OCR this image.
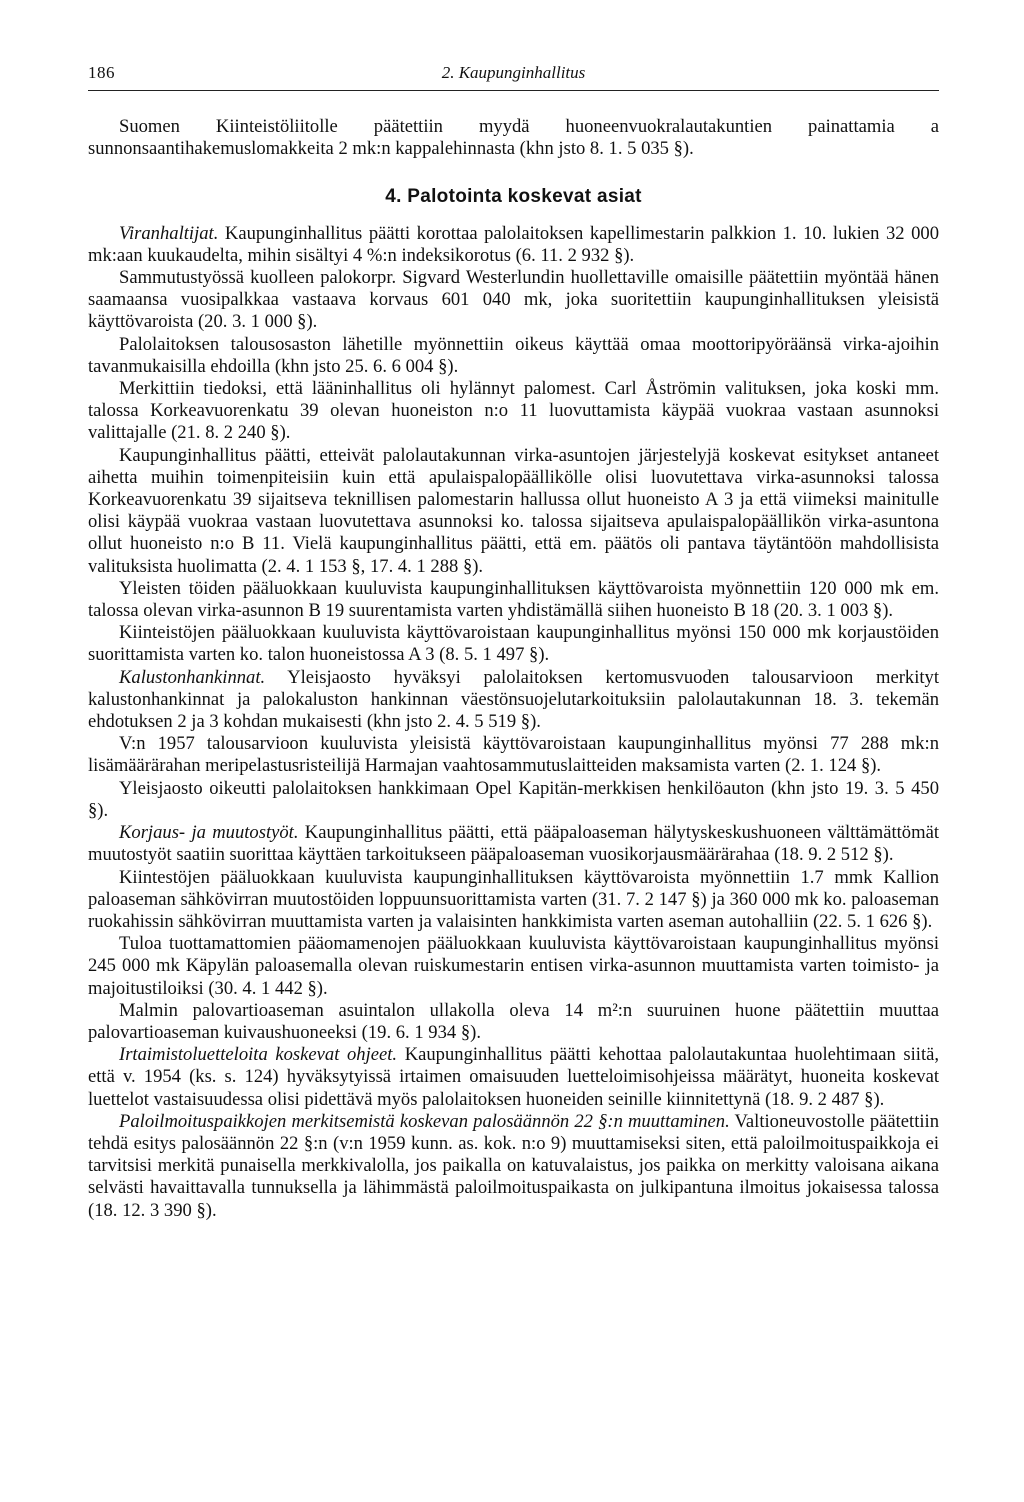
186	2. Kaupunginhallitus

Suomen Kiinteistöliitolle päätettiin myydä huoneenvuokralautakuntien painattamia a sunnonsaantihakemuslomakkeita 2 mk:n kappalehinnasta (khn jsto 8. 1. 5 035 §).

4. Palotointa koskevat asiat

Viranhaltijat. Kaupunginhallitus päätti korottaa palolaitoksen kapellimestarin palkkion 1. 10. lukien 32 000 mk:aan kuukaudelta, mihin sisältyi 4 %:n indeksikorotus (6. 11. 2 932 §).

Sammutustyössä kuolleen palokorpr. Sigvard Westerlundin huollettaville omaisille päätettiin myöntää hänen saamaansa vuosipalkkaa vastaava korvaus 601 040 mk, joka suoritettiin kaupunginhallituksen yleisistä käyttövaroista (20. 3. 1 000 §).

Palolaitoksen talousosaston lähetille myönnettiin oikeus käyttää omaa moottoripyöräänsä virka-ajoihin tavanmukaisilla ehdoilla (khn jsto 25. 6. 6 004 §).

Merkittiin tiedoksi, että lääninhallitus oli hylännyt palomest. Carl Åströmin valituksen, joka koski mm. talossa Korkeavuorenkatu 39 olevan huoneiston n:o 11 luovuttamista käypää vuokraa vastaan asunnoksi valittajalle (21. 8. 2 240 §).

Kaupunginhallitus päätti, etteivät palolautakunnan virka-asuntojen järjestelyjä koskevat esitykset antaneet aihetta muihin toimenpiteisiin kuin että apulaispalopäällikölle olisi luovutettava virka-asunnoksi talossa Korkeavuorenkatu 39 sijaitseva teknillisen palomestarin hallussa ollut huoneisto A 3 ja että viimeksi mainitulle olisi käypää vuokraa vastaan luovutettava asunnoksi ko. talossa sijaitseva apulaispalopäällikön virka-asuntona ollut huoneisto n:o B 11. Vielä kaupunginhallitus päätti, että em. päätös oli pantava täytäntöön mahdollisista valituksista huolimatta (2. 4. 1 153 §, 17. 4. 1 288 §).

Yleisten töiden pääluokkaan kuuluvista kaupunginhallituksen käyttövaroista myönnettiin 120 000 mk em. talossa olevan virka-asunnon B 19 suurentamista varten yhdistämällä siihen huoneisto B 18 (20. 3. 1 003 §).

Kiinteistöjen pääluokkaan kuuluvista käyttövaroistaan kaupunginhallitus myönsi 150 000 mk korjaustöiden suorittamista varten ko. talon huoneistossa A 3 (8. 5. 1 497 §).

Kalustonhankinnat. Yleisjaosto hyväksyi palolaitoksen kertomusvuoden talousarvioon merkityt kalustonhankinnat ja palokaluston hankinnan väestönsuojelutarkoituksiin palolautakunnan 18. 3. tekemän ehdotuksen 2 ja 3 kohdan mukaisesti (khn jsto 2. 4. 5 519 §).

V:n 1957 talousarvioon kuuluvista yleisistä käyttövaroistaan kaupunginhallitus myönsi 77 288 mk:n lisämäärärahan meripelastusristeilijä Harmajan vaahtosammutuslaitteiden maksamista varten (2. 1. 124 §).

Yleisjaosto oikeutti palolaitoksen hankkimaan Opel Kapitän-merkkisen henkilöauton (khn jsto 19. 3. 5 450 §).

Korjaus- ja muutostyöt. Kaupunginhallitus päätti, että pääpaloaseman hälytyskeskushuoneen välttämättömät muutostyöt saatiin suorittaa käyttäen tarkoitukseen pääpaloaseman vuosikorjausmäärärahaa (18. 9. 2 512 §).

Kiintestöjen pääluokkaan kuuluvista kaupunginhallituksen käyttövaroista myönnettiin 1.7 mmk Kallion paloaseman sähkövirran muutostöiden loppuunsuorittamista varten (31. 7. 2 147 §) ja 360 000 mk ko. paloaseman ruokahissin sähkövirran muuttamista varten ja valaisinten hankkimista varten aseman autohalliin (22. 5. 1 626 §).

Tuloa tuottamattomien pääomamenojen pääluokkaan kuuluvista käyttövaroistaan kaupunginhallitus myönsi 245 000 mk Käpylän paloasemalla olevan ruiskumestarin entisen virka-asunnon muuttamista varten toimisto- ja majoitustiloiksi (30. 4. 1 442 §).

Malmin palovartioaseman asuintalon ullakolla oleva 14 m²:n suuruinen huone päätettiin muuttaa palovartioaseman kuivaushuoneeksi (19. 6. 1 934 §).

Irtaimistoluetteloita koskevat ohjeet. Kaupunginhallitus päätti kehottaa palolautakuntaa huolehtimaan siitä, että v. 1954 (ks. s. 124) hyväksytyissä irtaimen omaisuuden luetteloimisohjeissa määrätyt, huoneita koskevat luettelot vastaisuudessa olisi pidettävä myös palolaitoksen huoneiden seinille kiinnitettynä (18. 9. 2 487 §).

Paloilmoituspaikkojen merkitsemistä koskevan palosäännön 22 §:n muuttaminen. Valtioneuvostolle päätettiin tehdä esitys palosäännön 22 §:n (v:n 1959 kunn. as. kok. n:o 9) muuttamiseksi siten, että paloilmoituspaikkoja ei tarvitsisi merkitä punaisella merkkivalolla, jos paikalla on katuvalaistus, jos paikka on merkitty valoisana aikana selvästi havaittavalla tunnuksella ja lähimmästä paloilmoituspaikasta on julkipantuna ilmoitus jokaisessa talossa (18. 12. 3 390 §).
